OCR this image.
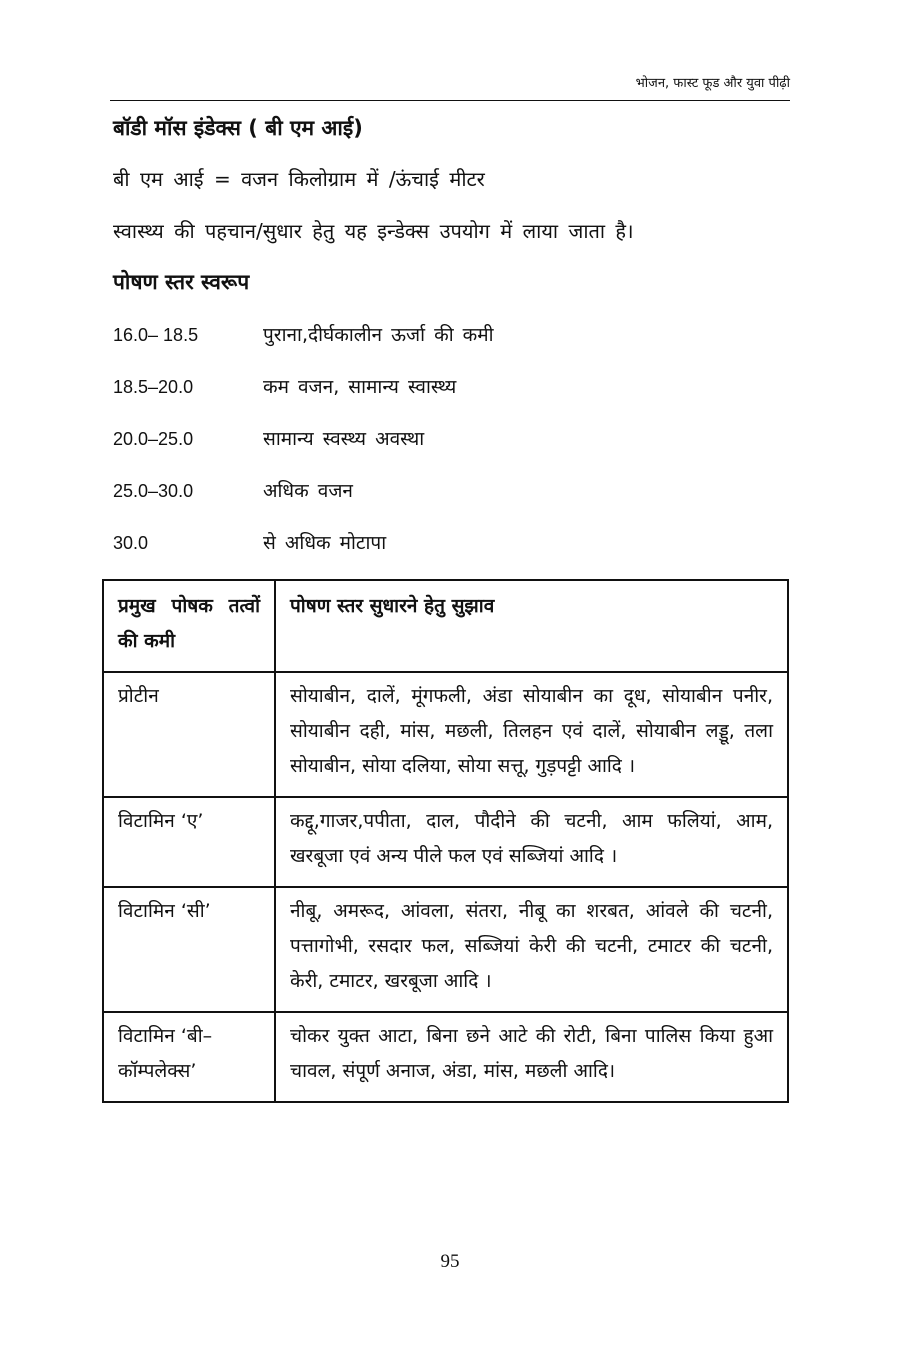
भोजन, फास्ट फूड और युवा पीढ़ी
बॉडी मॉस इंडेक्स ( बी एम आई)
बी एम आई = वजन किलोग्राम में /ऊंचाई मीटर
स्वास्थ्य की पहचान/सुधार हेतु यह इन्डेक्स उपयोग में लाया जाता है।
पोषण स्तर स्वरूप
16.0– 18.5	पुराना,दीर्घकालीन ऊर्जा की कमी
18.5–20.0	कम वजन, सामान्य स्वास्थ्य
20.0–25.0	सामान्य स्वस्थ्य अवस्था
25.0–30.0	अधिक वजन
30.0	से अधिक मोटापा
प्रमुख पोषक तत्वों की कमी	पोषण स्तर सुधारने हेतु सुझाव
प्रोटीन	सोयाबीन, दालें, मूंगफली, अंडा सोयाबीन का दूध, सोयाबीन पनीर, सोयाबीन दही, मांस, मछली, तिलहन एवं दालें, सोयाबीन लड्डू, तला सोयाबीन, सोया दलिया, सोया सत्तू, गुड़पट्टी आदि ।
विटामिन ‘ए’	कद्दू,गाजर,पपीता, दाल, पौदीने की चटनी, आम फलियां, आम, खरबूजा एवं अन्य पीले फल एवं सब्जियां आदि ।
विटामिन ‘सी’	नीबू, अमरूद, आंवला, संतरा, नीबू का शरबत, आंवले की चटनी, पत्तागोभी, रसदार फल, सब्जियां केरी की चटनी, टमाटर की चटनी, केरी, टमाटर, खरबूजा आदि ।
विटामिन ‘बी–कॉम्पलेक्स’	चोकर युक्त आटा, बिना छने आटे की रोटी, बिना पालिस किया हुआ चावल, संपूर्ण अनाज, अंडा, मांस, मछली आदि।
95
